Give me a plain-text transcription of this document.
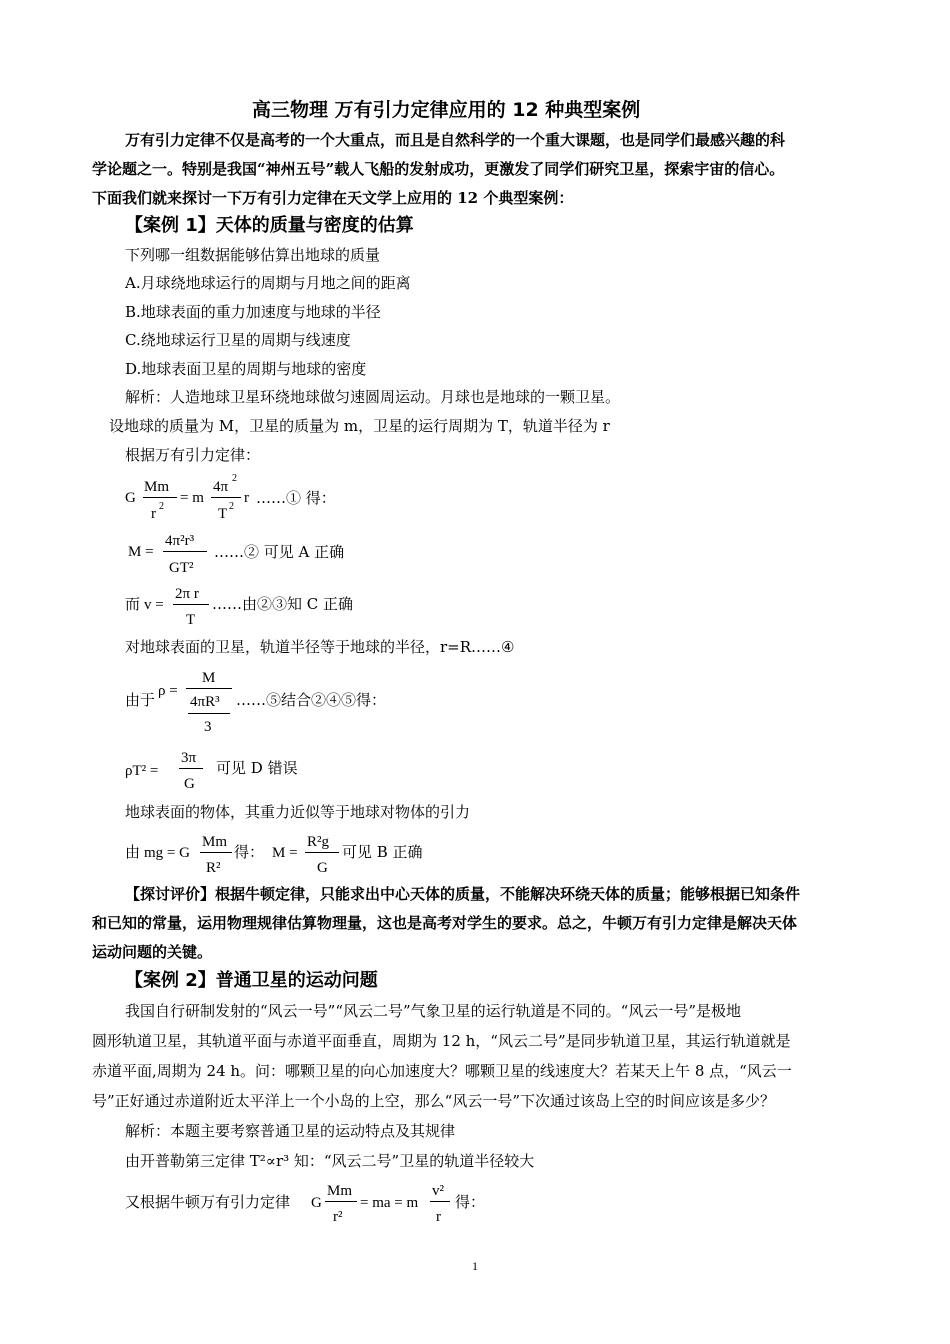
高三物理 万有引力定律应用的 12 种典型案例
万有引力定律不仅是高考的一个大重点，而且是自然科学的一个重大课题，也是同学们最感兴趣的科
学论题之一。特别是我国“神州五号”载人飞船的发射成功，更激发了同学们研究卫星，探索宇宙的信心。
下面我们就来探讨一下万有引力定律在天文学上应用的 12 个典型案例：
【案例 1】天体的质量与密度的估算
下列哪一组数据能够估算出地球的质量
A.月球绕地球运行的周期与月地之间的距离
B.地球表面的重力加速度与地球的半径
C.绕地球运行卫星的周期与线速度
D.地球表面卫星的周期与地球的密度
解析：人造地球卫星环绕地球做匀速圆周运动。月球也是地球的一颗卫星。
设地球的质量为 M，卫星的质量为 m，卫星的运行周期为 T，轨道半径为 r
根据万有引力定律：
G
Mm
r 2
= m
4π
2
T 2
r ……① 得：
M =
4π²r³
GT²
……② 可见 A 正确
而 v =
2π r
T
……由②③知 C 正确
对地球表面的卫星，轨道半径等于地球的半径，r=R……④
由于 ρ =
M
4πR³
3
……⑤结合②④⑤得：
ρT² =
3π
G
可见 D 错误
地球表面的物体，其重力近似等于地球对物体的引力
由 mg = G
Mm
R²
得： M =
R²g
G
可见 B 正确
【探讨评价】根据牛顿定律，只能求出中心天体的质量，不能解决环绕天体的质量；能够根据已知条件
和已知的常量，运用物理规律估算物理量，这也是高考对学生的要求。总之，牛顿万有引力定律是解决天体
运动问题的关键。
【案例 2】普通卫星的运动问题
我国自行研制发射的“风云一号”“风云二号”气象卫星的运行轨道是不同的。“风云一号”是极地
圆形轨道卫星，其轨道平面与赤道平面垂直，周期为 12 h，“风云二号”是同步轨道卫星，其运行轨道就是
赤道平面,周期为 24 h。问：哪颗卫星的向心加速度大？哪颗卫星的线速度大？若某天上午 8 点，“风云一
号”正好通过赤道附近太平洋上一个小岛的上空，那么“风云一号”下次通过该岛上空的时间应该是多少？
解析：本题主要考察普通卫星的运动特点及其规律
由开普勒第三定律 T²∝r³ 知：“风云二号”卫星的轨道半径较大
又根据牛顿万有引力定律 G
Mm
r²
= ma = m
v²
r
得：
1
